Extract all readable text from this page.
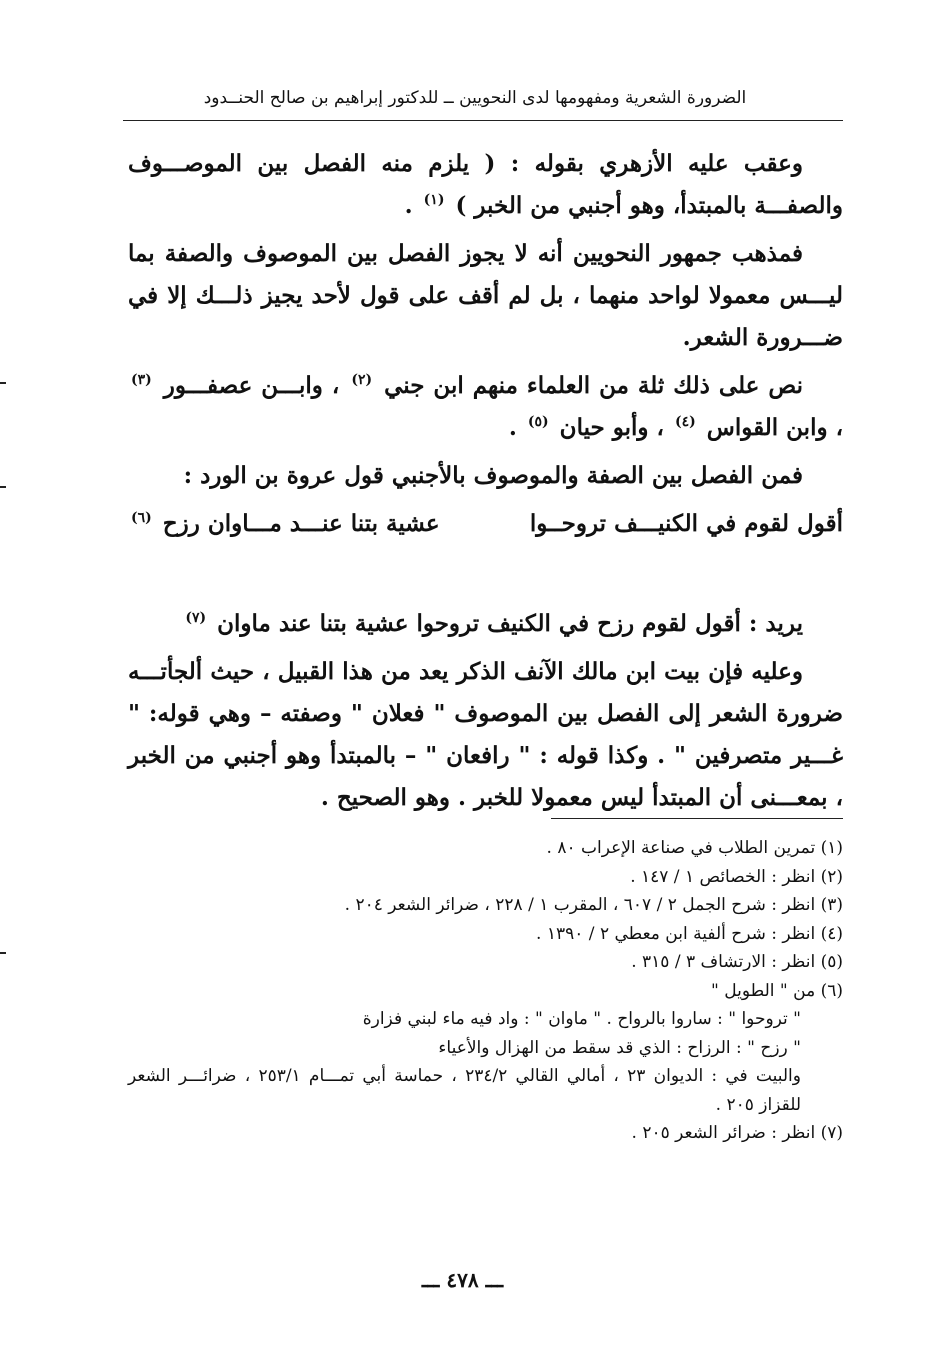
الضرورة الشعرية ومفهومها لدى النحويين ــ للدكتور إبراهيم بن صالح الحنــدود

وعقب عليه الأزهري بقوله : ( يلزم منه الفصل بين الموصـــوف والصفـــة بالمبتدأ، وهو أجنبي من الخبر ) $^{(١)}$ .

فمذهب جمهور النحويين أنه لا يجوز الفصل بين الموصوف والصفة بما ليـــس معمولا لواحد منهما ، بل لم أقف على قول لأحد يجيز ذلـــك إلا في ضـــرورة الشعر.

نص على ذلك ثلة من العلماء منهم ابن جني $^{(٢)}$ ، وابـــن عصفـــور $^{(٣)}$ ، وابن القواس $^{(٤)}$ ، وأبو حيان $^{(٥)}$ .

فمن الفصل بين الصفة والموصوف بالأجنبي قول عروة بن الورد :

أقول لقوم في الكنيـــف تروحــوا
عشية بتنا عنـــد مـــاوان رزح $^{(٦)}$

يريد : أقول لقوم رزح في الكنيف تروحوا عشية بتنا عند ماوان $^{(٧)}$

وعليه فإن بيت ابن مالك الآنف الذكر يعد من هذا القبيل ، حيث ألجأتـــه ضرورة الشعر إلى الفصل بين الموصوف " فعلان " وصفته – وهي قوله: " غـــير متصرفين " . وكذا قوله : " رافعان " – بالمبتدأ وهو أجنبي من الخبر ، بمعـــنى أن المبتدأ ليس معمولا للخبر . وهو الصحيح .

(١) تمرين الطلاب في صناعة الإعراب ٨٠ .

(٢) انظر : الخصائص ١ / ١٤٧ .

(٣) انظر : شرح الجمل ٢ / ٦٠٧ ، المقرب ١ / ٢٢٨ ، ضرائر الشعر ٢٠٤ .

(٤) انظر : شرح ألفية ابن معطي ٢ / ١٣٩٠ .

(٥) انظر : الارتشاف ٣ / ٣١٥ .

(٦) من " الطويل "

" تروحوا " : ساروا بالرواح . " ماوان " : واد فيه ماء لبني فزارة

" رزح " : الرزاح : الذي قد سقط من الهزال والأعياء

والبيت في : الديوان ٢٣ ، أمالي القالي ٢٣٤/٢ ، حماسة أبي تمـــام ٢٥٣/١ ، ضرائـــر الشعر للقزاز ٢٠٥ .

(٧) انظر : ضرائر الشعر ٢٠٥ .

ـــ ٤٧٨ ـــ
